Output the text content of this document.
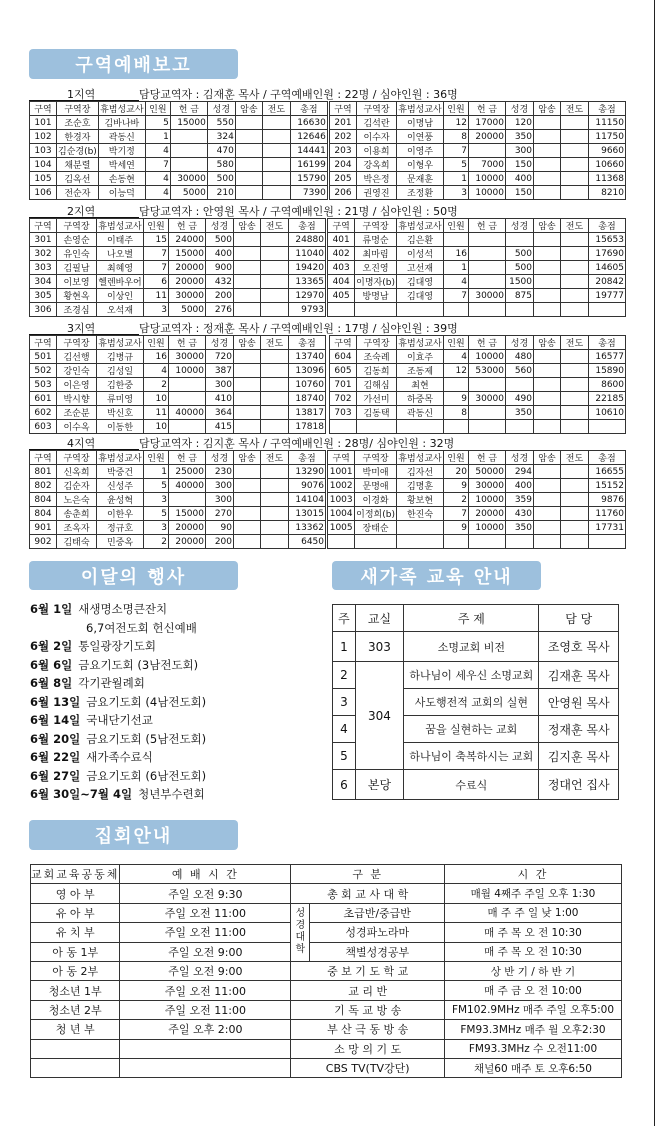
구역예배보고
이달의 행사	새가족 교육 안내
집회안내
1지역	담당교역자 : 김재훈 목사 / 구역예배인원 : 22명 / 심야인원 : 36명
구역	구역장	휴범성교사	인원	헌 금	성경	암송	전도	총점
101	조순호	김바나바	5	15000	550			16630
102	한경자	곽동신	1		324			12646
103	김순경(b)	박기정	4		470			14441
104	채분렬	박세연	7		580			16199
105	김옥선	손동현	4	30000	500			15790
106	전순자	이능덕	4	5000	210			7390
구역	구역장	휴범성교사	인원	헌 금	성경	암송	전도	총점
201	김석란	이명남	12	17000	120			11150
202	이수자	이연풍	8	20000	350			11750
203	이용희	이영주	7		300			9660
204	강옥희	이형우	5	7000	150			10660
205	박은정	문재훈	1	10000	400			11368
206	권영진	조정환	3	10000	150			8210
2지역	담당교역자 : 안영원 목사 / 구역예배인원 : 21명 / 심야인원 : 50명
구역	구역장	휴범성교사	인원	헌 금	성경	암송	전도	총점
301	손영순	이태주	15	24000	500			24880
302	유인숙	나오별	7	15000	400			11040
303	김필남	최혜영	7	20000	900			19420
304	이보영	헬렌바우어	6	20000	432			13365
305	황현옥	이상인	11	30000	200			12970
306	조경심	오석재	3	5000	276			9793
구역	구역장	휴범성교사	인원	헌 금	성경	암송	전도	총점
401	류명순	김은환						15653
402	최마림	이성석	16		500			17690
403	오진영	고선재	1		500			14605
404	이명자(b)	김대영	4		1500			20842
405	방명남	김대영	7	30000	875			19777

3지역	담당교역자 : 정재훈 목사 / 구역예배인원 : 17명 / 심야인원 : 39명
구역	구역장	휴범성교사	인원	헌 금	성경	암송	전도	총점
501	김선행	김병규	16	30000	720			13740
502	강인숙	김성일	4	10000	387			13096
503	이은영	김한중	2		300			10760
601	박시향	류미영	10		410			18740
602	조순분	박신호	11	40000	364			13817
603	이수옥	이동한	10		415			17818
구역	구역장	휴범성교사	인원	헌 금	성경	암송	전도	총점
604	조숙례	이효주	4	10000	480			16577
605	김동희	조동제	12	53000	560			15890
701	김해심	최현						8600
702	가선미	하중목	9	30000	490			22185
703	김동택	곽동신	8		350			10610

4지역	담당교역자 : 김지훈 목사 / 구역예배인원 : 28명/ 심야인원 : 32명
구역	구역장	휴범성교사	인원	헌 금	성경	암송	전도	총점
801	신옥희	박중건	1	25000	230			13290
802	김순자	신성주	5	40000	300			9076
804	노은숙	윤성혁	3		300			14104
804	송춘희	이한우	5	15000	270			13015
901	조옥자	정규호	3	20000	90			13362
902	김태숙	민중옥	2	20000	200			6450
구역	구역장	휴범성교사	인원	헌 금	성경	암송	전도	총점
1001	박미애	김자선	20	50000	294			16655
1002	문명애	김명훈	9	30000	400			15152
1003	이경화	황보현	2	10000	359			9876
1004	이정희(b)	한진숙	7	20000	430			11760
1005	장태순		9	10000	350			17731

6월 1일 새생명소명큰잔치
6,7여전도회 헌신예배
6월 2일 통일광장기도회
6월 6일 금요기도회 (3남전도회)
6월 8일 각기관월례회
6월 13일 금요기도회 (4남전도회)
6월 14일 국내단기선교
6월 20일 금요기도회 (5남전도회)
6월 22일 새가족수료식
6월 27일 금요기도회 (6남전도회)
6월 30일~7월 4일 청년부수련회
주	교실	주 제	담 당
1	303	소명교회 비전	조영호 목사
2	304	하나님이 세우신 소명교회	김재훈 목사
3		사도행전적 교회의 실현	안영원 목사
4		꿈을 실현하는 교회	정재훈 목사
5		하나님이 축복하시는 교회	김지훈 목사
6	본당	수료식	정대언 집사
교회교육공동체	예 배 시 간	구 분		시 간
영 아 부	주일 오전 9:30	총 회 교 사 대 학		매월 4째주 주일 오후 1:30
유 아 부	주일 오전 11:00	성경대학	초급반/중급반	매 주 주 일 낮 1:00
유 치 부	주일 오전 11:00		성경파노라마	매 주 목 오 전 10:30
아 동 1부	주일 오전 9:00		책별성경공부	매 주 목 오 전 10:30
아 동 2부	주일 오전 9:00	중 보 기 도 학 교		상 반 기 / 하 반 기
청소년 1부	주일 오전 11:00	교 리 반		매 주 금 오 전 10:00
청소년 2부	주일 오전 11:00	기 독 교 방 송		FM102.9MHz 매주 주일 오후5:00
청 년 부	주일 오후 2:00	부 산 극 동 방 송		FM93.3MHz 매주 월 오후2:30
		소 망 의 기 도		FM93.3MHz 수 오전11:00
		CBS TV(TV강단)		채널60 매주 토 오후6:50
